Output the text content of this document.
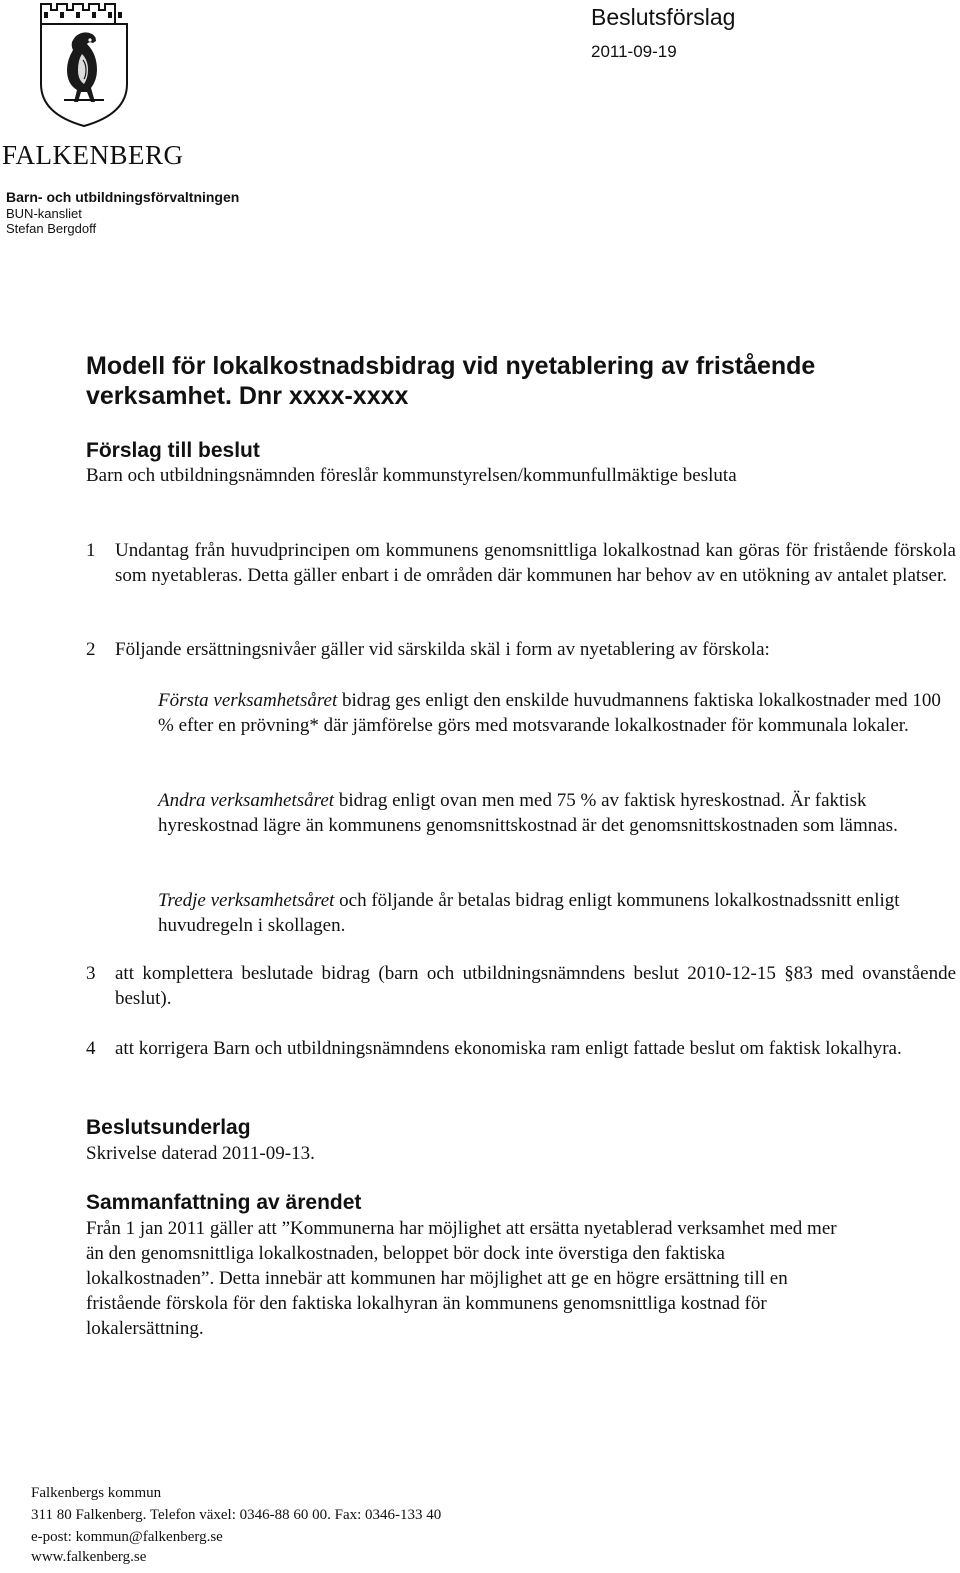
FALKENBERG
Barn- och utbildningsförvaltningen
BUN-kansliet
Stefan Bergdoff
Beslutsförslag
2011-09-19
Modell för lokalkostnadsbidrag vid nyetablering av fristående verksamhet. Dnr xxxx-xxxx
Förslag till beslut
Barn och utbildningsnämnden föreslår kommunstyrelsen/kommunfullmäktige besluta
1 Undantag från huvudprincipen om kommunens genomsnittliga lokalkostnad kan göras för fristående förskola som nyetableras. Detta gäller enbart i de områden där kommunen har behov av en utökning av antalet platser.
2 Följande ersättningsnivåer gäller vid särskilda skäl i form av nyetablering av förskola:
Första verksamhetsåret bidrag ges enligt den enskilde huvudmannens faktiska lokalkostnader med 100 % efter en prövning* där jämförelse görs med motsvarande lokalkostnader för kommunala lokaler.
Andra verksamhetsåret bidrag enligt ovan men med 75 % av faktisk hyreskostnad. Är faktisk hyreskostnad lägre än kommunens genomsnittskostnad är det genomsnittskostnaden som lämnas.
Tredje verksamhetsåret och följande år betalas bidrag enligt kommunens lokalkostnadssnitt enligt huvudregeln i skollagen.
3 att komplettera beslutade bidrag (barn och utbildningsnämndens beslut 2010-12-15 §83 med ovanstående beslut).
4 att korrigera Barn och utbildningsnämndens ekonomiska ram enligt fattade beslut om faktisk lokalhyra.
Beslutsunderlag
Skrivelse daterad 2011-09-13.
Sammanfattning av ärendet
Från 1 jan 2011 gäller att ”Kommunerna har möjlighet att ersätta nyetablerad verksamhet med mer
än den genomsnittliga lokalkostnaden, beloppet bör dock inte överstiga den faktiska
lokalkostnaden”. Detta innebär att kommunen har möjlighet att ge en högre ersättning till en
fristående förskola för den faktiska lokalhyran än kommunens genomsnittliga kostnad för
lokalersättning.
Falkenbergs kommun
311 80 Falkenberg. Telefon växel: 0346-88 60 00. Fax: 0346-133 40
e-post: kommun@falkenberg.se
www.falkenberg.se
